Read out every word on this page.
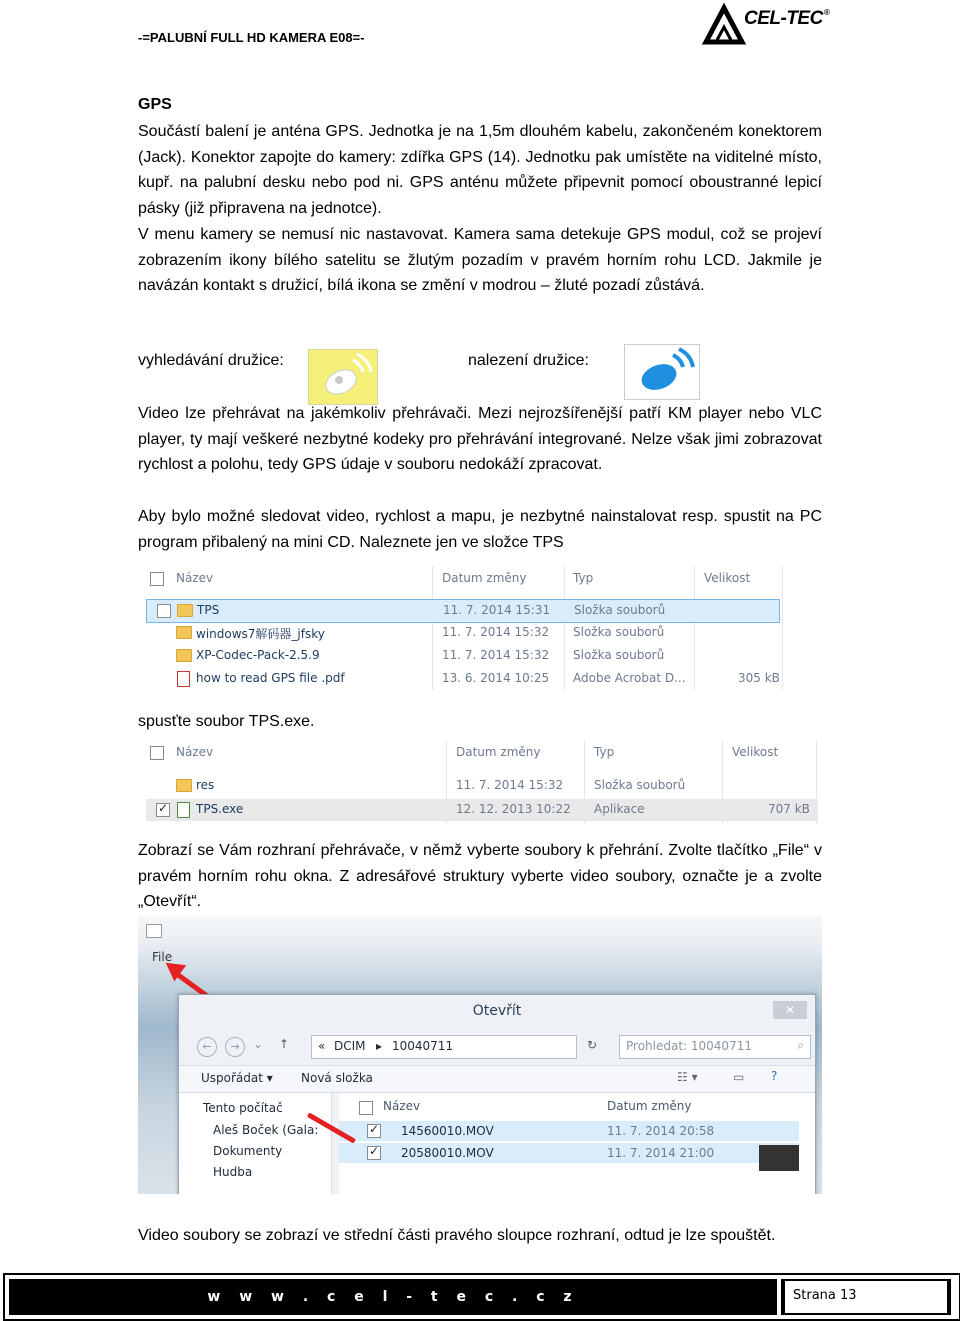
-=PALUBNÍ FULL HD KAMERA E08=-
CEL-TEC®
GPS
Součástí balení je anténa GPS. Jednotka je na 1,5m dlouhém kabelu, zakončeném konektorem (Jack). Konektor zapojte do kamery: zdířka GPS (14). Jednotku pak umístěte na viditelné místo, kupř. na palubní desku nebo pod ni. GPS anténu můžete připevnit pomocí oboustranné lepicí pásky (již připravena na jednotce).
V menu kamery se nemusí nic nastavovat. Kamera sama detekuje GPS modul, což se projeví zobrazením ikony bílého satelitu se žlutým pozadím v pravém horním rohu LCD. Jakmile je navázán kontakt s družicí, bílá ikona se změní v modrou – žluté pozadí zůstává.
vyhledávání družice:	nalezení družice:
Video lze přehrávat na jakémkoliv přehrávači. Mezi nejrozšířenější patří KM player nebo VLC player, ty mají veškeré nezbytné kodeky pro přehrávání integrované. Nelze však jimi zobrazovat rychlost a polohu, tedy GPS údaje v souboru nedokáží zpracovat.
Aby bylo možné sledovat video, rychlost a mapu, je nezbytné nainstalovat resp. spustit na PC program přibalený na mini CD. Naleznete jen ve složce TPS
Název	Datum změny	Typ	Velikost
TPS	11. 7. 2014 15:31 Složka souborů
windows7解码器_jfsky	11. 7. 2014 15:32 Složka souborů
XP-Codec-Pack-2.5.9	11. 7. 2014 15:32 Složka souborů
how to read GPS file .pdf	13. 6. 2014 10:25 Adobe Acrobat D...	305 kB
spusťte soubor TPS.exe.
Název	Datum změny	Typ	Velikost
res	11. 7. 2014 15:32	Složka souborů
✓
TPS.exe	12. 12. 2013 10:22 Aplikace	707 kB
Zobrazí se Vám rozhraní přehrávače, v němž vyberte soubory k přehrání. Zvolte tlačítko „File“ v pravém horním rohu okna. Z adresářové struktury vyberte video soubory, označte je a zvolte „Otevřít“.
File
Otevřít	✕
←	→	⌄ ↑ « DCIM ▸ 10040711	↻ Prohledat: 10040711	⌕
Uspořádat ▾ Nová složka	☷ ▾	▭ ?
Tento počítač
Aleš Boček (Gala:
Dokumenty
Hudba
Název	Datum změny
✓
14560010.MOV	11. 7. 2014 20:58
✓
20580010.MOV	11. 7. 2014 21:00
Video soubory se zobrazí ve střední části pravého sloupce rozhraní, odtud je lze spouštět.
w w w . c e l - t e c . c z	Strana 13
